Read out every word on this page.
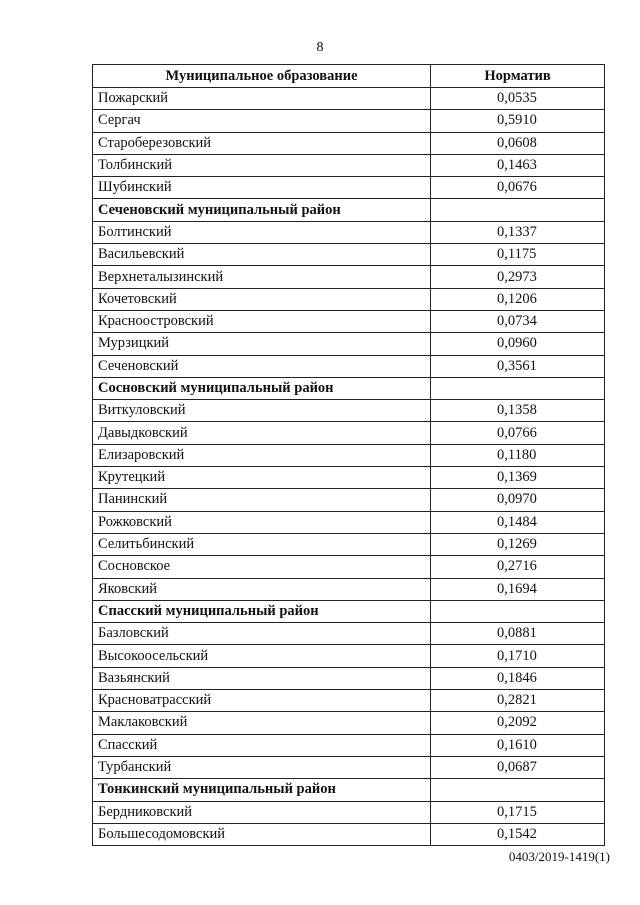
8
Муниципальное образование	Норматив
Пожарский	0,0535
Сергач	0,5910
Староберезовский	0,0608
Толбинский	0,1463
Шубинский	0,0676
Сеченовский муниципальный район	
Болтинский	0,1337
Васильевский	0,1175
Верхнеталызинский	0,2973
Кочетовский	0,1206
Красноостровский	0,0734
Мурзицкий	0,0960
Сеченовский	0,3561
Сосновский муниципальный район	
Виткуловский	0,1358
Давыдковский	0,0766
Елизаровский	0,1180
Крутецкий	0,1369
Панинский	0,0970
Рожковский	0,1484
Селитьбинский	0,1269
Сосновское	0,2716
Яковский	0,1694
Спасский муниципальный район	
Базловский	0,0881
Высокоосельский	0,1710
Вазьянский	0,1846
Красноватрасский	0,2821
Маклаковский	0,2092
Спасский	0,1610
Турбанский	0,0687
Тонкинский муниципальный район	
Бердниковский	0,1715
Большесодомовский	0,1542
0403/2019-1419(1)
